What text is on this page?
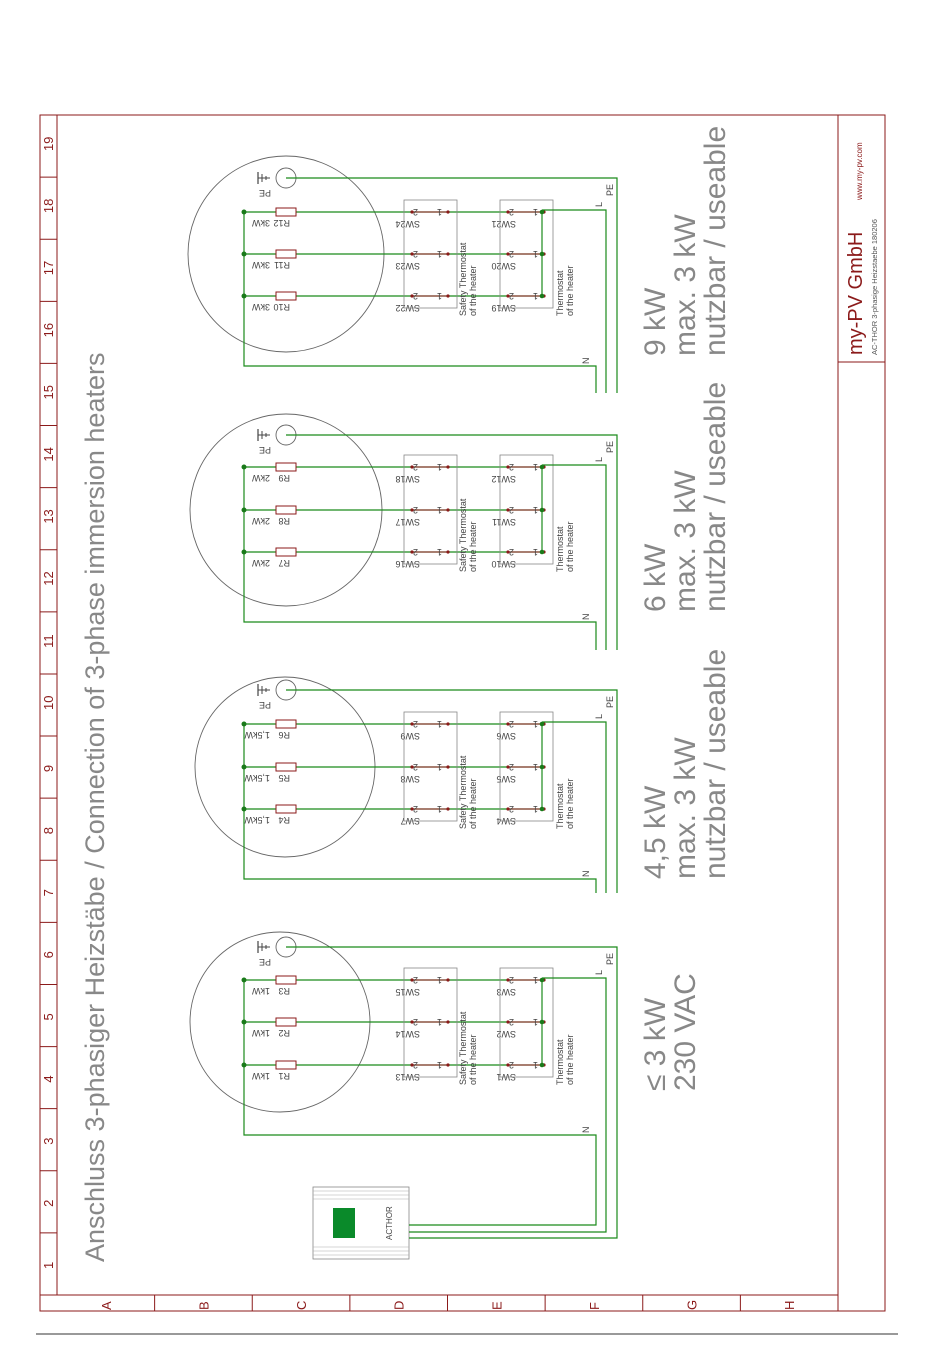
1
2
3
4
5
6
7
8
9
10
11
12
13
14
15
16
17
18
19
A	B	C	D	E	F	G	H
Anschluss 3-phasiger Heizstäbe / Connection of 3-phase immersion heaters
my-PV GmbH
www.my-pv.com
AC-THOR 3-phasige Heizstaebe 180206
ACTHOR
N
R1
1kW	SW13
1
2
SW1
1
2
R2
1kW	SW14
1
2
SW2
1
2
R3
1kW	SW15
1
2
SW3
1
2
Safety Thermostat of the heater	Thermostat of the heater
L
PE	PE
≤ 3 kW
230 VAC
N
R4
1,5kW	SW7
1
2
SW4
1
2
R5
1,5kW	SW8
1
2
SW5
1
2
R6
1,5kW	SW9
1
2
SW6
1
2
Safety Thermostat of the heater	Thermostat of the heater
L
PE	PE
4,5 kW
max. 3 kW
nutzbar / useable
N
R7
2kW	SW16
1
2
SW10
1
2
R8
2kW	SW17
1
2
SW11
1
2
R9
2kW	SW18
1
2
SW12
1
2
Safety Thermostat of the heater	Thermostat of the heater
L
PE	PE
6 kW
max. 3 kW
nutzbar / useable
N
R10
3kW	SW22
1
2
SW19
1
2
R11
3kW	SW23
1
2
SW20
1
2
R12
3kW	SW24
1
2
SW21
1
2
Safety Thermostat of the heater	Thermostat of the heater
L
PE	PE
9 kW
max. 3 kW
nutzbar / useable
